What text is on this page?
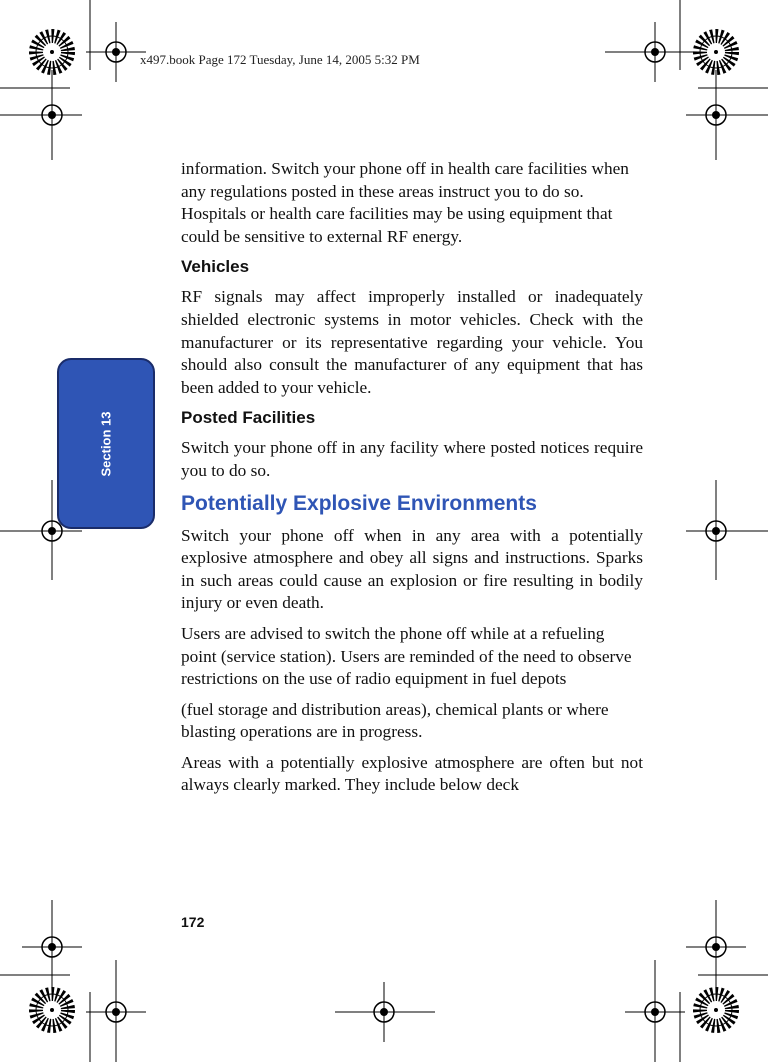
x497.book Page 172 Tuesday, June 14, 2005 5:32 PM
Section 13

information. Switch your phone off in health care facilities when any regulations posted in these areas instruct you to do so. Hospitals or health care facilities may be using equipment that could be sensitive to external RF energy.

Vehicles

RF signals may affect improperly installed or inadequately shielded electronic systems in motor vehicles. Check with the manufacturer or its representative regarding your vehicle. You should also consult the manufacturer of any equipment that has been added to your vehicle.

Posted Facilities

Switch your phone off in any facility where posted notices require you to do so.

Potentially Explosive Environments

Switch your phone off when in any area with a potentially explosive atmosphere and obey all signs and instructions. Sparks in such areas could cause an explosion or fire resulting in bodily injury or even death.

Users are advised to switch the phone off while at a refueling point (service station). Users are reminded of the need to observe restrictions on the use of radio equipment in fuel depots

(fuel storage and distribution areas), chemical plants or where blasting operations are in progress.

Areas with a potentially explosive atmosphere are often but not always clearly marked. They include below deck

172
